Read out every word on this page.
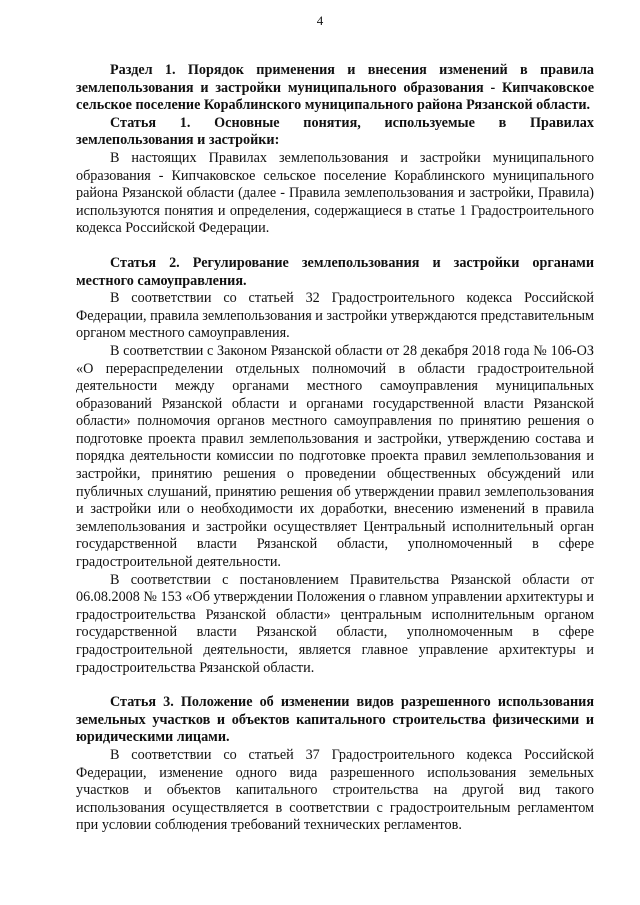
4

Раздел 1. Порядок применения и внесения изменений в правила землепользования и застройки муниципального образования - Кипчаковское сельское поселение Кораблинского муниципального района Рязанской области.

Статья 1. Основные понятия, используемые в Правилах землепользования и застройки:

В настоящих Правилах землепользования и застройки муниципального образования - Кипчаковское сельское поселение Кораблинского муниципального района Рязанской области (далее - Правила землепользования и застройки, Правила) используются понятия и определения, содержащиеся в статье 1 Градостроительного кодекса Российской Федерации.

Статья 2. Регулирование землепользования и застройки органами местного самоуправления.

В соответствии со статьей 32 Градостроительного кодекса Российской Федерации, правила землепользования и застройки утверждаются представительным органом местного самоуправления.

В соответствии с Законом Рязанской области от 28 декабря 2018 года № 106-ОЗ «О перераспределении отдельных полномочий в области градостроительной деятельности между органами местного самоуправления муниципальных образований Рязанской области и органами государственной власти Рязанской области» полномочия органов местного самоуправления по принятию решения о подготовке проекта правил землепользования и застройки, утверждению состава и порядка деятельности комиссии по подготовке проекта правил землепользования и застройки, принятию решения о проведении общественных обсуждений или публичных слушаний, принятию решения об утверждении правил землепользования и застройки или о необходимости их доработки, внесению изменений в правила землепользования и застройки осуществляет Центральный исполнительный орган государственной власти Рязанской области, уполномоченный в сфере градостроительной деятельности.

В соответствии с постановлением Правительства Рязанской области от 06.08.2008 № 153 «Об утверждении Положения о главном управлении архитектуры и градостроительства Рязанской области» центральным исполнительным органом государственной власти Рязанской области, уполномоченным в сфере градостроительной деятельности, является главное управление архитектуры и градостроительства Рязанской области.

Статья 3. Положение об изменении видов разрешенного использования земельных участков и объектов капитального строительства физическими и юридическими лицами.

В соответствии со статьей 37 Градостроительного кодекса Российской Федерации, изменение одного вида разрешенного использования земельных участков и объектов капитального строительства на другой вид такого использования осуществляется в соответствии с градостроительным регламентом при условии соблюдения требований технических регламентов.
